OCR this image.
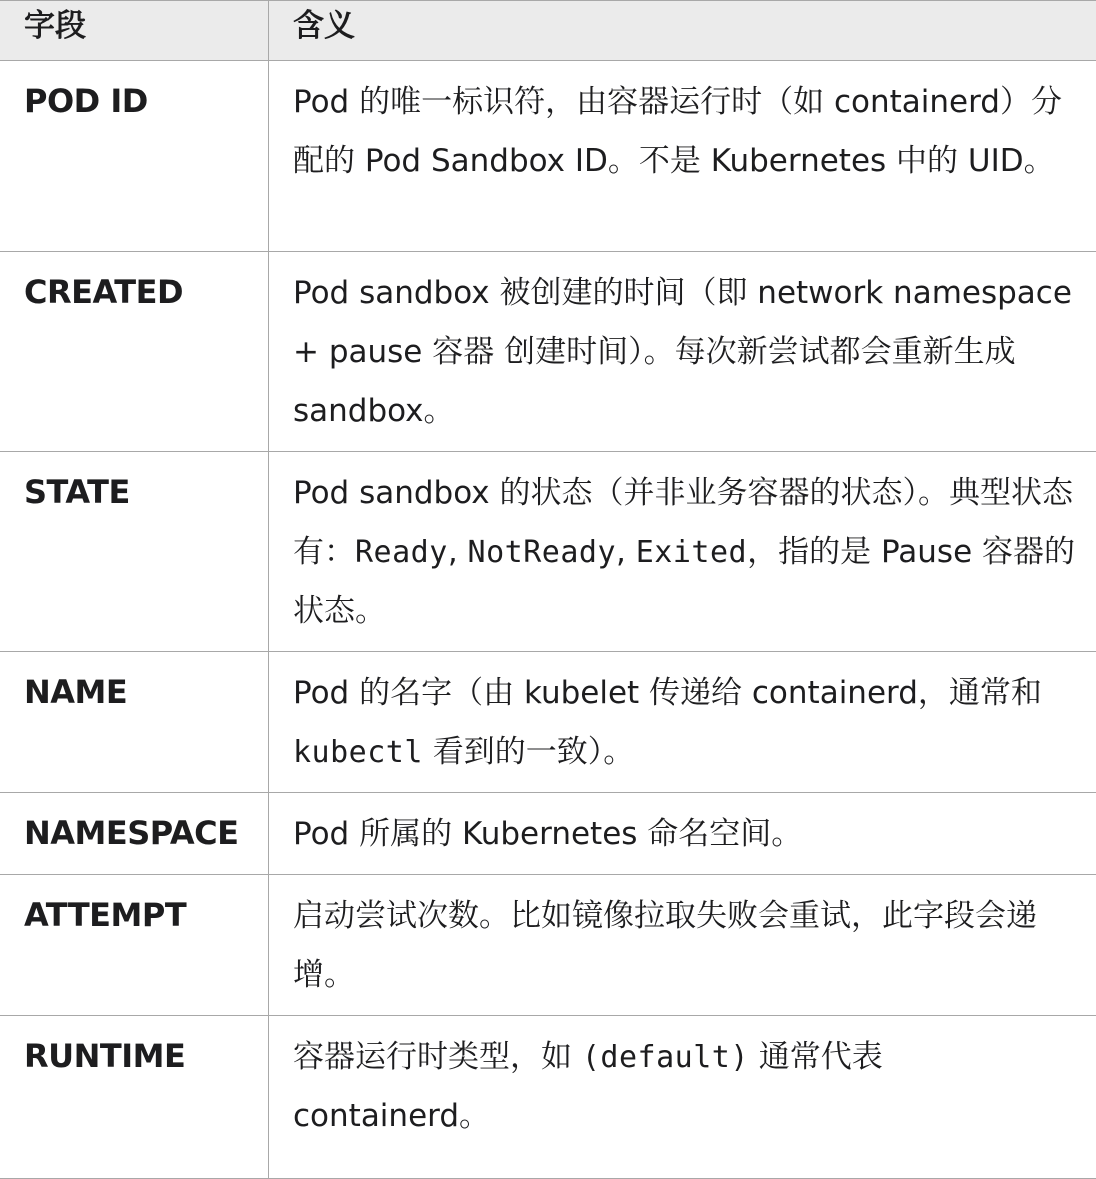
字段	含义
POD ID	Pod 的唯一标识符，由容器运行时（如 containerd）分配的 Pod Sandbox ID。不是 Kubernetes 中的 UID。
CREATED	Pod sandbox 被创建的时间（即 network namespace + pause 容器 创建时间）。每次新尝试都会重新生成 sandbox。
STATE	Pod sandbox 的状态（并非业务容器的状态）。典型状态有：Ready, NotReady, Exited，指的是 Pause 容器的状态。
NAME	Pod 的名字（由 kubelet 传递给 containerd，通常和 kubectl 看到的一致）。
NAMESPACE	Pod 所属的 Kubernetes 命名空间。
ATTEMPT	启动尝试次数。比如镜像拉取失败会重试，此字段会递增。
RUNTIME	容器运行时类型，如 (default) 通常代表 containerd。
